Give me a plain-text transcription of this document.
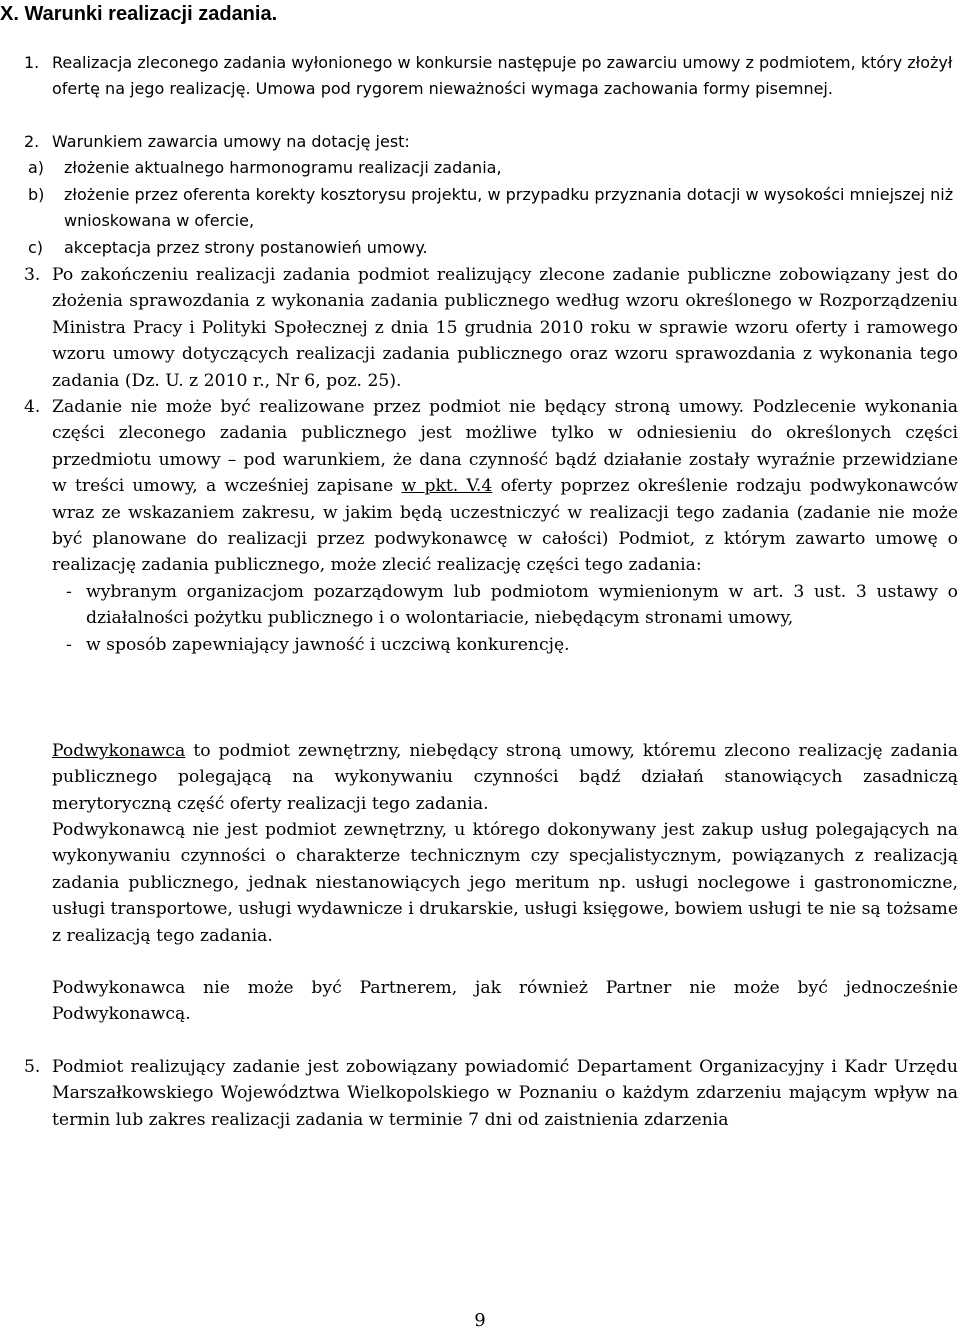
X. Warunki realizacji zadania.
1. Realizacja zleconego zadania wyłonionego w konkursie następuje po zawarciu umowy z podmiotem, który złożył ofertę na jego realizację. Umowa pod rygorem nieważności wymaga zachowania formy pisemnej.
2. Warunkiem zawarcia umowy na dotację jest:
a) złożenie aktualnego harmonogramu realizacji zadania,
b) złożenie przez oferenta korekty kosztorysu projektu, w przypadku przyznania dotacji w wysokości mniejszej niż wnioskowana w ofercie,
c) akceptacja przez strony postanowień umowy.
3. Po zakończeniu realizacji zadania podmiot realizujący zlecone zadanie publiczne zobowiązany jest do złożenia sprawozdania z wykonania zadania publicznego według wzoru określonego w Rozporządzeniu Ministra Pracy i Polityki Społecznej z dnia 15 grudnia 2010 roku w sprawie wzoru oferty i ramowego wzoru umowy dotyczących realizacji zadania publicznego oraz wzoru sprawozdania z wykonania tego zadania (Dz. U. z 2010 r., Nr 6, poz. 25).
4. Zadanie nie może być realizowane przez podmiot nie będący stroną umowy. Podzlecenie wykonania części zleconego zadania publicznego jest możliwe tylko w odniesieniu do określonych części przedmiotu umowy – pod warunkiem, że dana czynność bądź działanie zostały wyraźnie przewidziane w treści umowy, a wcześniej zapisane w pkt. V.4 oferty poprzez określenie rodzaju podwykonawców wraz ze wskazaniem zakresu, w jakim będą uczestniczyć w realizacji tego zadania (zadanie nie może być planowane do realizacji przez podwykonawcę w całości) Podmiot, z którym zawarto umowę o realizację zadania publicznego, może zlecić realizację części tego zadania:
- wybranym organizacjom pozarządowym lub podmiotom wymienionym w art. 3 ust. 3 ustawy o działalności pożytku publicznego i o wolontariacie, niebędącym stronami umowy,
- w sposób zapewniający jawność i uczciwą konkurencję.
Podwykonawca to podmiot zewnętrzny, niebędący stroną umowy, któremu zlecono realizację zadania publicznego polegającą na wykonywaniu czynności bądź działań stanowiących zasadniczą merytoryczną część oferty realizacji tego zadania.
Podwykonawcą nie jest podmiot zewnętrzny, u którego dokonywany jest zakup usług polegających na wykonywaniu czynności o charakterze technicznym czy specjalistycznym, powiązanych z realizacją zadania publicznego, jednak niestanowiących jego meritum np. usługi noclegowe i gastronomiczne, usługi transportowe, usługi wydawnicze i drukarskie, usługi księgowe, bowiem usługi te nie są tożsame z realizacją tego zadania.
Podwykonawca nie może być Partnerem, jak również Partner nie może być jednocześnie Podwykonawcą.
5. Podmiot realizujący zadanie jest zobowiązany powiadomić Departament Organizacyjny i Kadr Urzędu Marszałkowskiego Województwa Wielkopolskiego w Poznaniu o każdym zdarzeniu mającym wpływ na termin lub zakres realizacji zadania w terminie 7 dni od zaistnienia zdarzenia
9
